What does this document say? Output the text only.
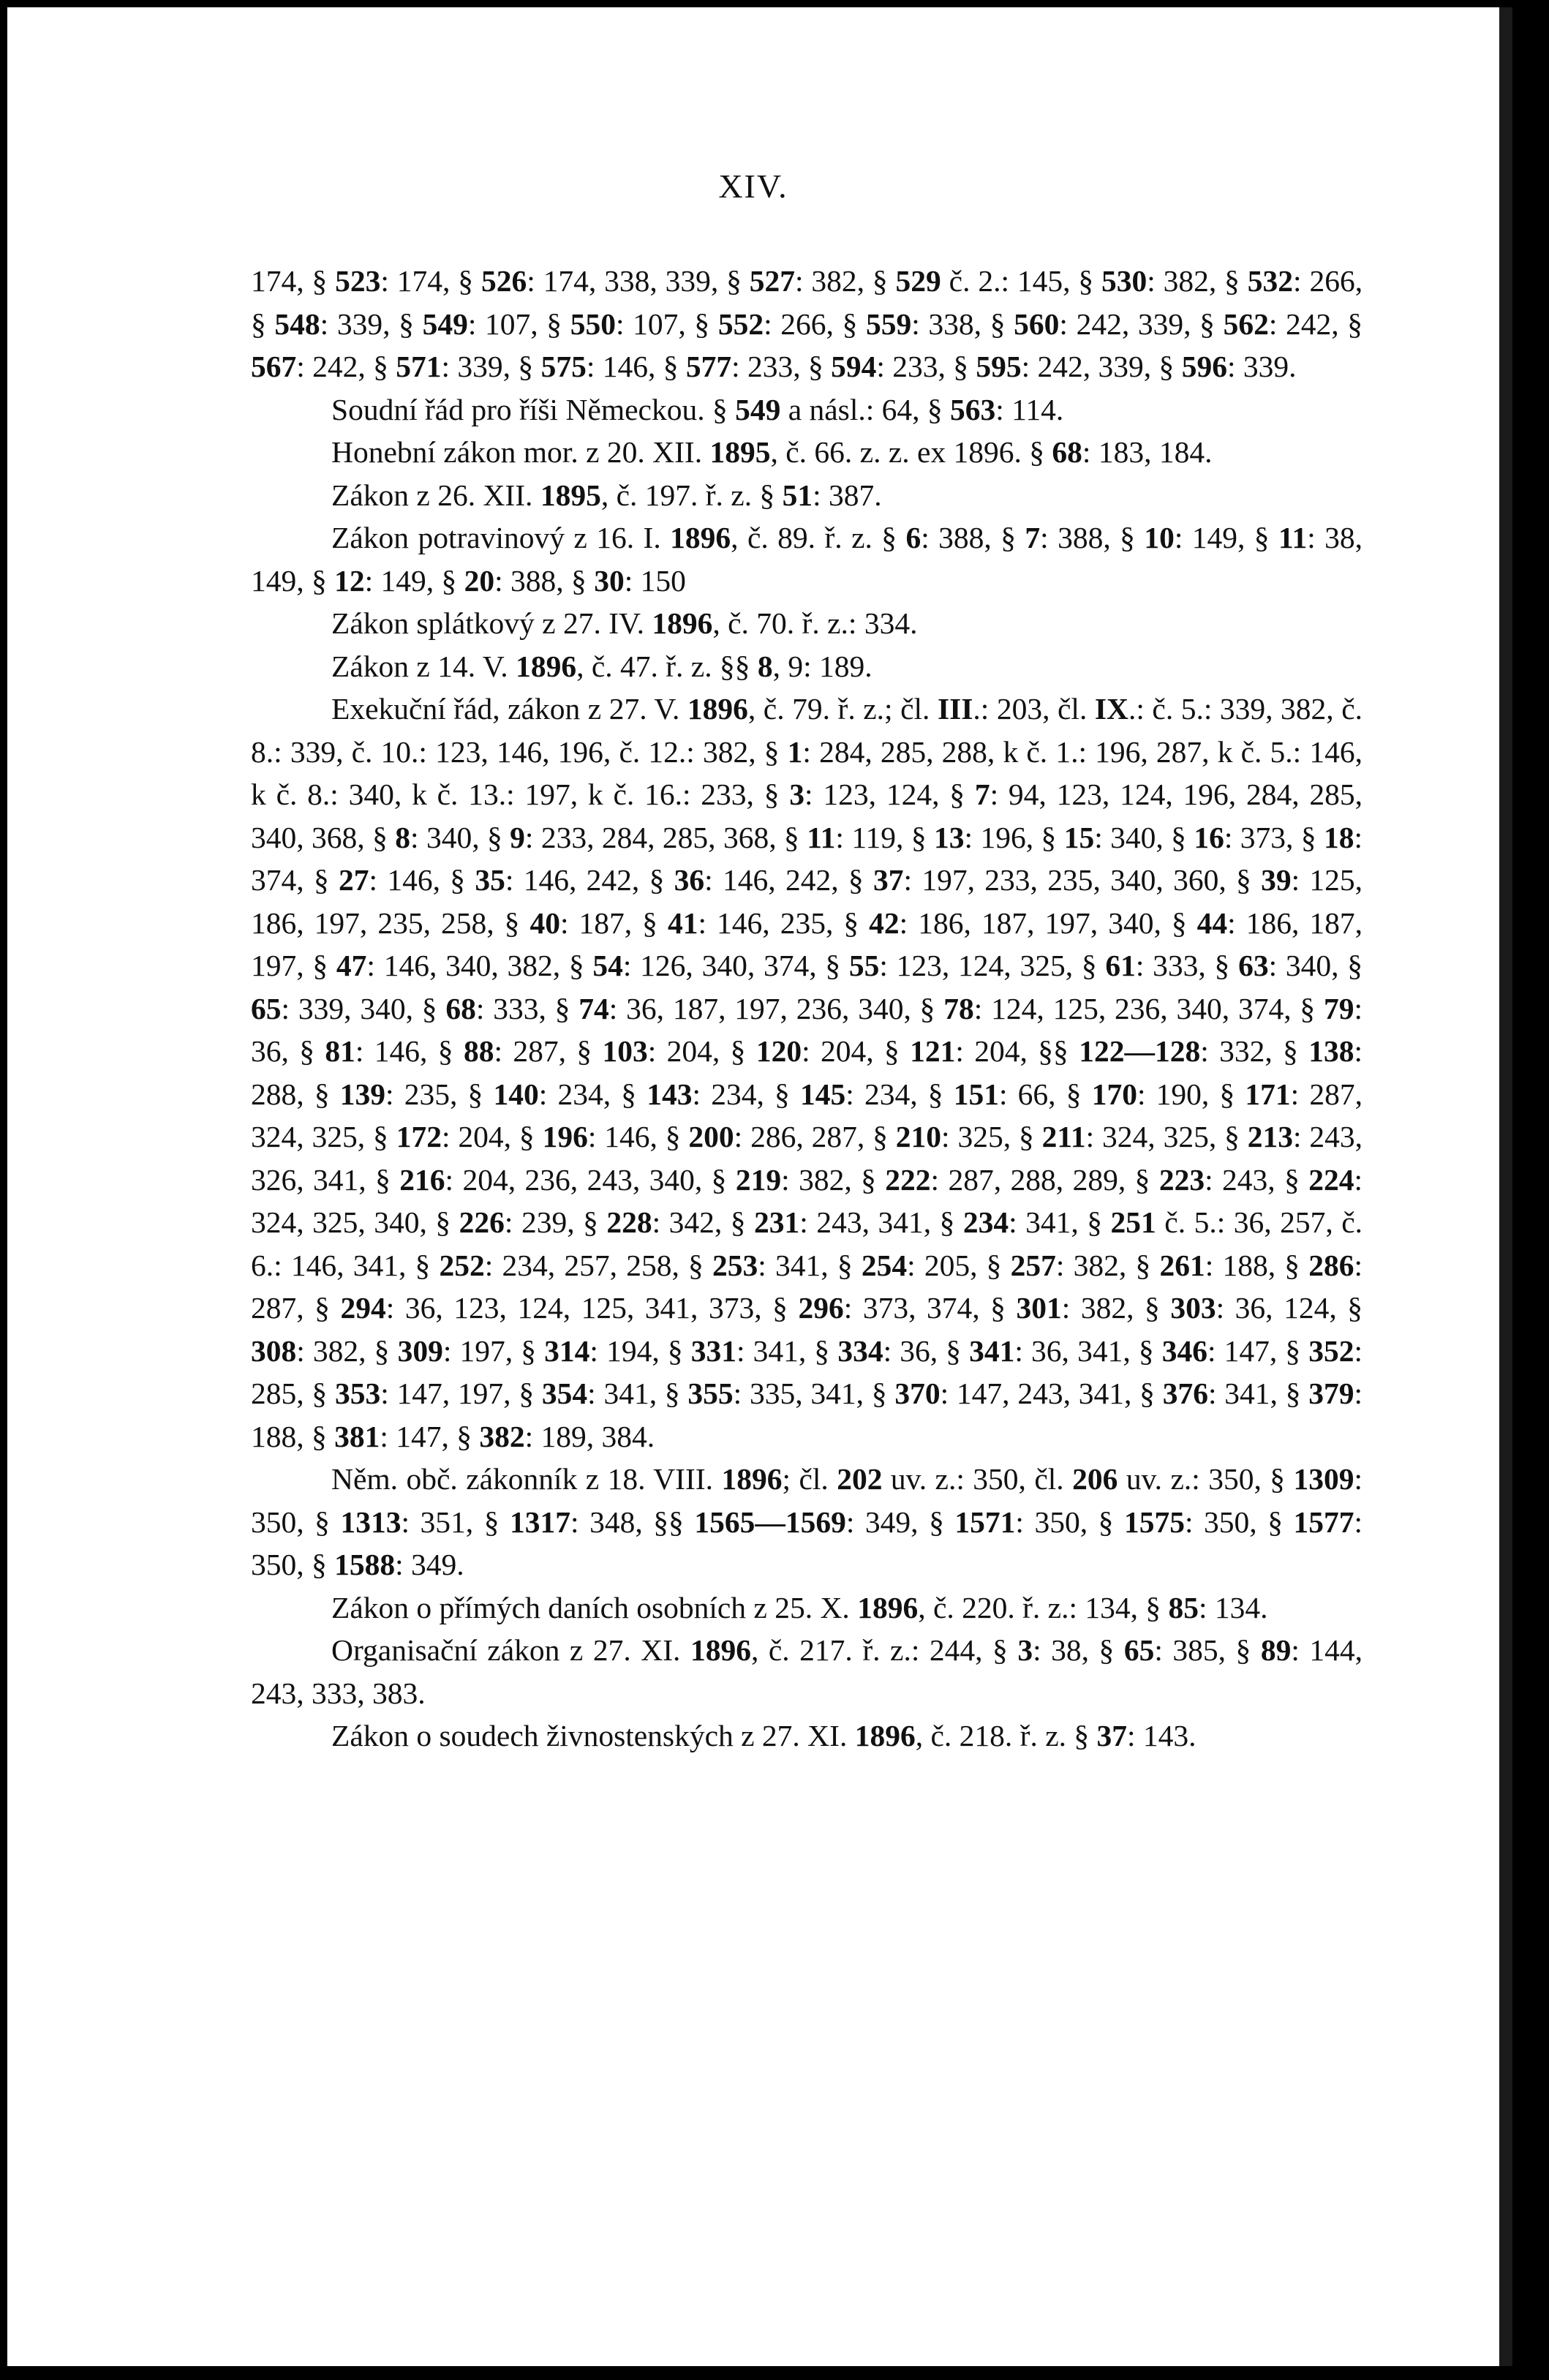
XIV.

174, § 523: 174, § 526: 174, 338, 339, § 527: 382, § 529 č. 2.: 145, § 530: 382, § 532: 266, § 548: 339, § 549: 107, § 550: 107, § 552: 266, § 559: 338, § 560: 242, 339, § 562: 242, § 567: 242, § 571: 339, § 575: 146, § 577: 233, § 594: 233, § 595: 242, 339, § 596: 339.

Soudní řád pro říši Německou. § 549 a násl.: 64, § 563: 114.

Honební zákon mor. z 20. XII. 1895, č. 66. z. z. ex 1896. § 68: 183, 184.

Zákon z 26. XII. 1895, č. 197. ř. z. § 51: 387.

Zákon potravinový z 16. I. 1896, č. 89. ř. z. § 6: 388, § 7: 388, § 10: 149, § 11: 38, 149, § 12: 149, § 20: 388, § 30: 150

Zákon splátkový z 27. IV. 1896, č. 70. ř. z.: 334.

Zákon z 14. V. 1896, č. 47. ř. z. §§ 8, 9: 189.

Exekuční řád, zákon z 27. V. 1896, č. 79. ř. z.; čl. III.: 203, čl. IX.: č. 5.: 339, 382, č. 8.: 339, č. 10.: 123, 146, 196, č. 12.: 382, § 1: 284, 285, 288, k č. 1.: 196, 287, k č. 5.: 146, k č. 8.: 340, k č. 13.: 197, k č. 16.: 233, § 3: 123, 124, § 7: 94, 123, 124, 196, 284, 285, 340, 368, § 8: 340, § 9: 233, 284, 285, 368, § 11: 119, § 13: 196, § 15: 340, § 16: 373, § 18: 374, § 27: 146, § 35: 146, 242, § 36: 146, 242, § 37: 197, 233, 235, 340, 360, § 39: 125, 186, 197, 235, 258, § 40: 187, § 41: 146, 235, § 42: 186, 187, 197, 340, § 44: 186, 187, 197, § 47: 146, 340, 382, § 54: 126, 340, 374, § 55: 123, 124, 325, § 61: 333, § 63: 340, § 65: 339, 340, § 68: 333, § 74: 36, 187, 197, 236, 340, § 78: 124, 125, 236, 340, 374, § 79: 36, § 81: 146, § 88: 287, § 103: 204, § 120: 204, § 121: 204, §§ 122—128: 332, § 138: 288, § 139: 235, § 140: 234, § 143: 234, § 145: 234, § 151: 66, § 170: 190, § 171: 287, 324, 325, § 172: 204, § 196: 146, § 200: 286, 287, § 210: 325, § 211: 324, 325, § 213: 243, 326, 341, § 216: 204, 236, 243, 340, § 219: 382, § 222: 287, 288, 289, § 223: 243, § 224: 324, 325, 340, § 226: 239, § 228: 342, § 231: 243, 341, § 234: 341, § 251 č. 5.: 36, 257, č. 6.: 146, 341, § 252: 234, 257, 258, § 253: 341, § 254: 205, § 257: 382, § 261: 188, § 286: 287, § 294: 36, 123, 124, 125, 341, 373, § 296: 373, 374, § 301: 382, § 303: 36, 124, § 308: 382, § 309: 197, § 314: 194, § 331: 341, § 334: 36, § 341: 36, 341, § 346: 147, § 352: 285, § 353: 147, 197, § 354: 341, § 355: 335, 341, § 370: 147, 243, 341, § 376: 341, § 379: 188, § 381: 147, § 382: 189, 384.

Něm. obč. zákonník z 18. VIII. 1896; čl. 202 uv. z.: 350, čl. 206 uv. z.: 350, § 1309: 350, § 1313: 351, § 1317: 348, §§ 1565—1569: 349, § 1571: 350, § 1575: 350, § 1577: 350, § 1588: 349.

Zákon o přímých daních osobních z 25. X. 1896, č. 220. ř. z.: 134, § 85: 134.

Organisační zákon z 27. XI. 1896, č. 217. ř. z.: 244, § 3: 38, § 65: 385, § 89: 144, 243, 333, 383.

Zákon o soudech živnostenských z 27. XI. 1896, č. 218. ř. z. § 37: 143.
